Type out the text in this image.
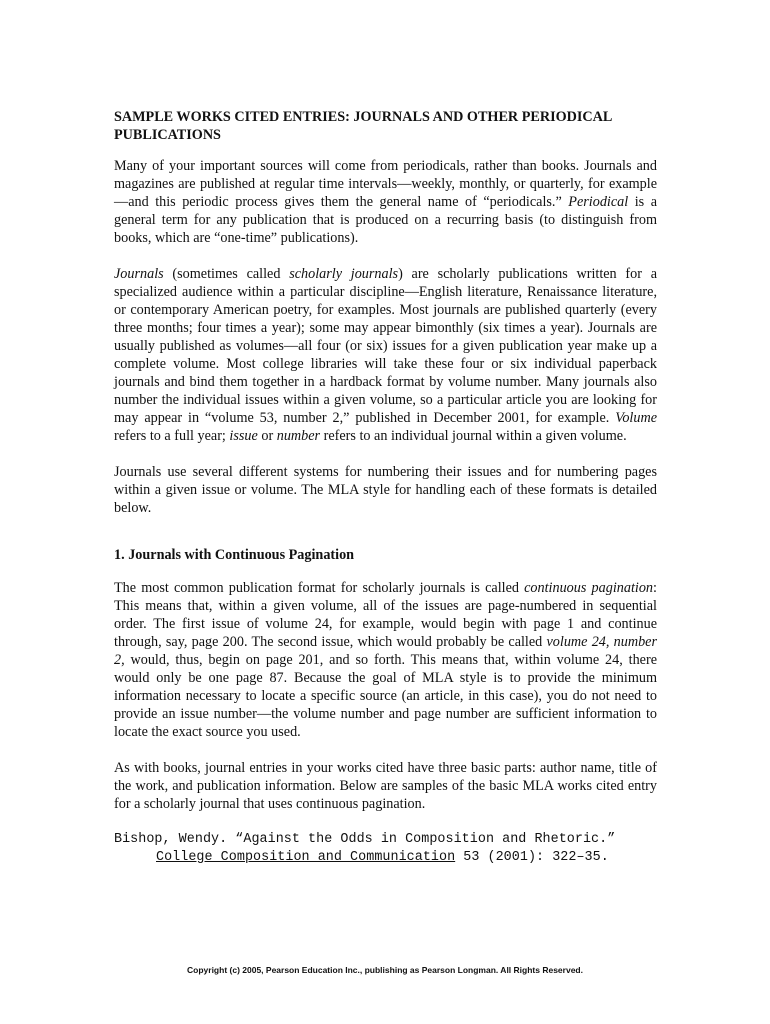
SAMPLE WORKS CITED ENTRIES: JOURNALS AND OTHER PERIODICAL PUBLICATIONS

Many of your important sources will come from periodicals, rather than books. Journals and magazines are published at regular time intervals—weekly, monthly, or quarterly, for example—and this periodic process gives them the general name of “periodicals.” Periodical is a general term for any publication that is produced on a recurring basis (to distinguish from books, which are “one-time” publications).

Journals (sometimes called scholarly journals) are scholarly publications written for a specialized audience within a particular discipline—English literature, Renaissance literature, or contemporary American poetry, for examples. Most journals are published quarterly (every three months; four times a year); some may appear bimonthly (six times a year). Journals are usually published as volumes—all four (or six) issues for a given publication year make up a complete volume. Most college libraries will take these four or six individual paperback journals and bind them together in a hardback format by volume number. Many journals also number the individual issues within a given volume, so a particular article you are looking for may appear in “volume 53, number 2,” published in December 2001, for example. Volume refers to a full year; issue or number refers to an individual journal within a given volume.

Journals use several different systems for numbering their issues and for numbering pages within a given issue or volume. The MLA style for handling each of these formats is detailed below.

1. Journals with Continuous Pagination

The most common publication format for scholarly journals is called continuous pagination: This means that, within a given volume, all of the issues are page-numbered in sequential order. The first issue of volume 24, for example, would begin with page 1 and continue through, say, page 200. The second issue, which would probably be called volume 24, number 2, would, thus, begin on page 201, and so forth. This means that, within volume 24, there would only be one page 87. Because the goal of MLA style is to provide the minimum information necessary to locate a specific source (an article, in this case), you do not need to provide an issue number—the volume number and page number are sufficient information to locate the exact source you used.

As with books, journal entries in your works cited have three basic parts: author name, title of the work, and publication information. Below are samples of the basic MLA works cited entry for a scholarly journal that uses continuous pagination.

Bishop, Wendy. “Against the Odds in Composition and Rhetoric.” College Composition and Communication 53 (2001): 322–35.
Copyright (c) 2005, Pearson Education Inc., publishing as Pearson Longman. All Rights Reserved.
